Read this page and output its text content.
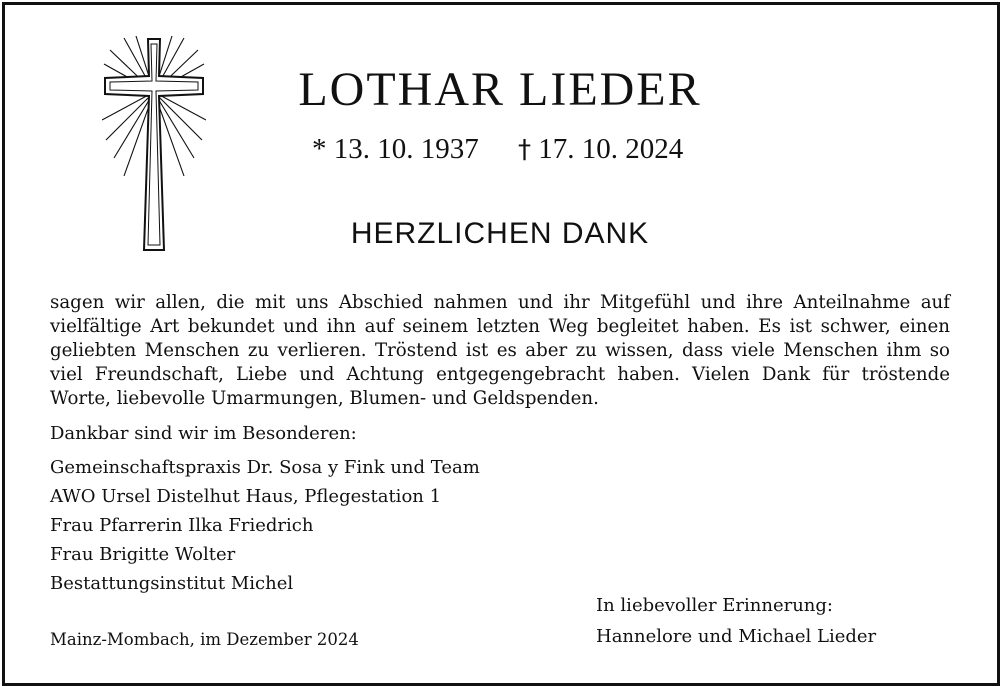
LOTHAR LIEDER
* 13. 10. 1937 † 17. 10. 2024
HERZLICHEN DANK
sagen wir allen, die mit uns Abschied nahmen und ihr Mitgefühl und ihre Anteilnahme auf vielfältige Art bekundet und ihn auf seinem letzten Weg begleitet haben. Es ist schwer, einen geliebten Menschen zu verlieren. Tröstend ist es aber zu wissen, dass viele Menschen ihm so viel Freundschaft, Liebe und Achtung entgegengebracht haben. Vielen Dank für tröstende Worte, liebevolle Umarmungen, Blumen- und Geldspenden.
Dankbar sind wir im Besonderen:
Gemeinschaftspraxis Dr. Sosa y Fink und Team
AWO Ursel Distelhut Haus, Pflegestation 1
Frau Pfarrerin Ilka Friedrich
Frau Brigitte Wolter
Bestattungsinstitut Michel
In liebevoller Erinnerung:
Hannelore und Michael Lieder
Mainz-Mombach, im Dezember 2024
